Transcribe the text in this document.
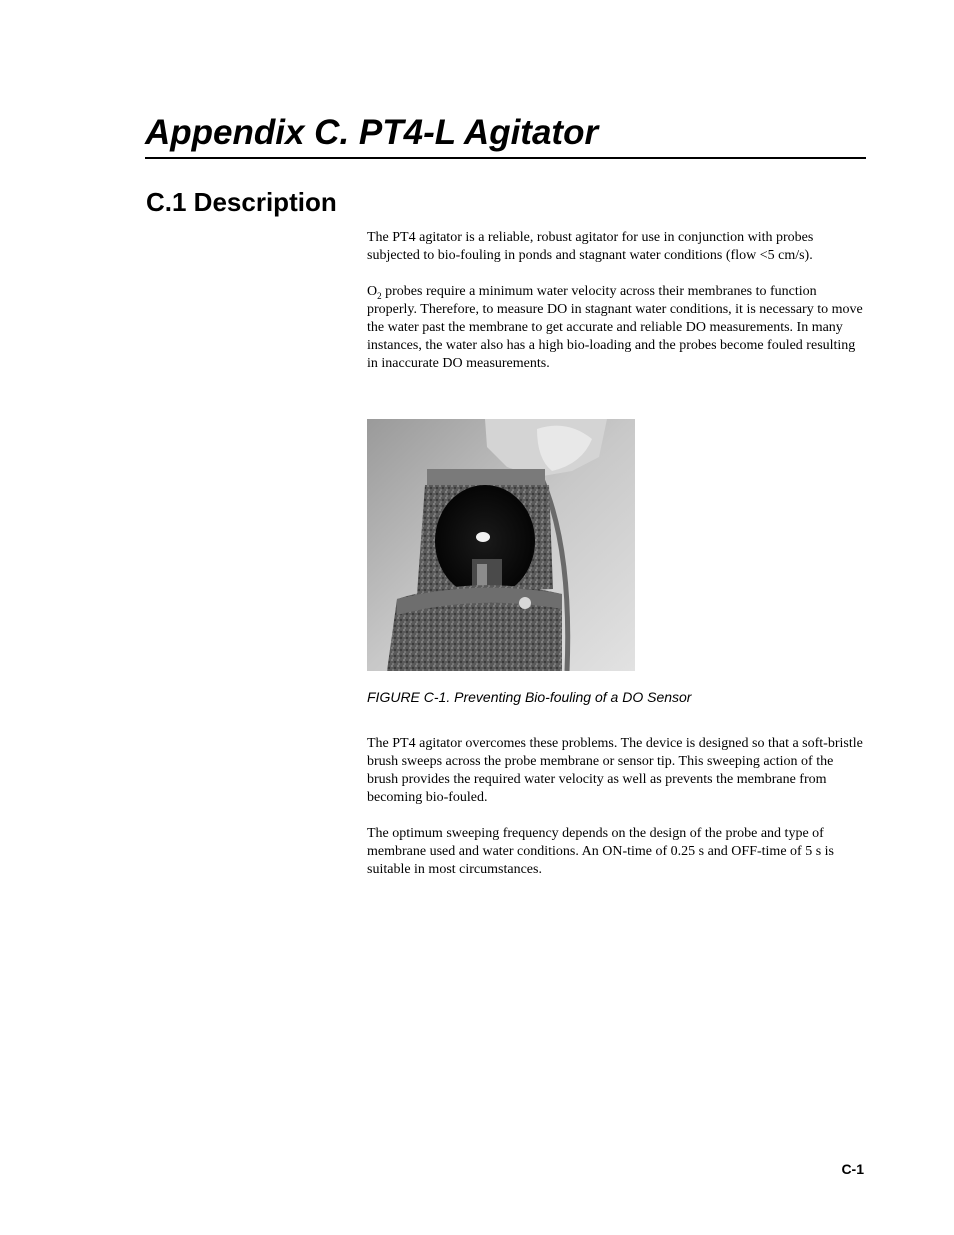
Appendix C. PT4-L Agitator
C.1 Description

The PT4 agitator is a reliable, robust agitator for use in conjunction with probes subjected to bio-fouling in ponds and stagnant water conditions (flow <5 cm/s).

$O_2$ probes require a minimum water velocity across their membranes to function properly. Therefore, to measure DO in stagnant water conditions, it is necessary to move the water past the membrane to get accurate and reliable DO measurements. In many instances, the water also has a high bio-loading and the probes become fouled resulting in inaccurate DO measurements.

FIGURE C-1. Preventing Bio-fouling of a DO Sensor

The PT4 agitator overcomes these problems. The device is designed so that a soft-bristle brush sweeps across the probe membrane or sensor tip. This sweeping action of the brush provides the required water velocity as well as prevents the membrane from becoming bio-fouled.

The optimum sweeping frequency depends on the design of the probe and type of membrane used and water conditions. An ON-time of 0.25 s and OFF-time of 5 s is suitable in most circumstances.

C-1
